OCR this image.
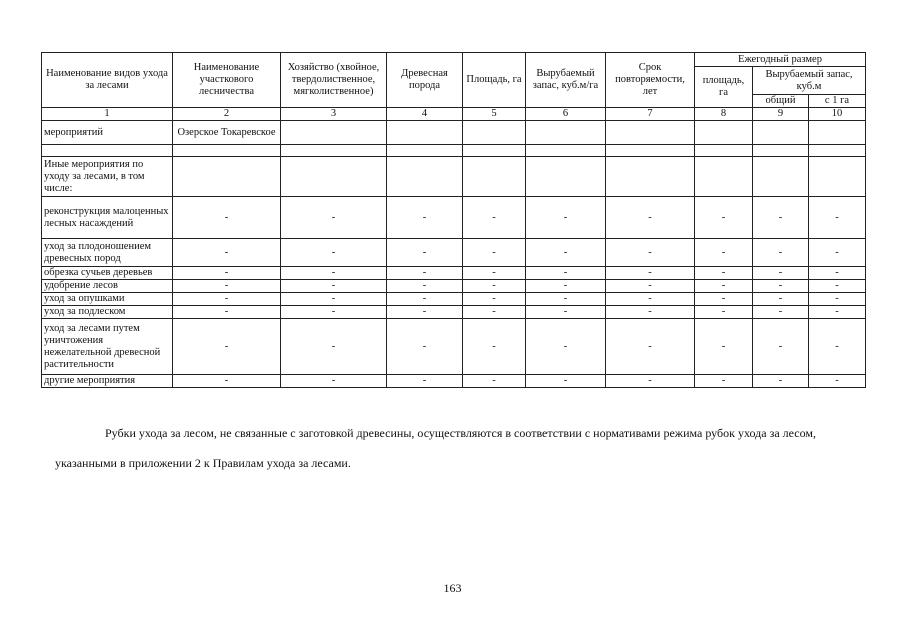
Наименование видов ухода за лесами	Наименование участкового лесничества	Хозяйство (хвойное, твердолиственное, мягколиственное)	Древесная порода	Площадь, га	Вырубаемый запас, куб.м/га	Срок повторяемости, лет	Ежегодный размер		
							площадь, га	Вырубаемый запас, куб.м	
								общий	с 1 га
1	2	3	4	5	6	7	8	9	10
мероприятий	Озерское Токаревское								

Иные мероприятия по уходу за лесами, в том числе:									
реконструкция малоценных лесных насаждений	-	-	-	-	-	-	-	-	-
уход за плодоношением древесных пород	-	-	-	-	-	-	-	-	-
обрезка сучьев деревьев	-	-	-	-	-	-	-	-	-
удобрение лесов	-	-	-	-	-	-	-	-	-
уход за опушками	-	-	-	-	-	-	-	-	-
уход за подлеском	-	-	-	-	-	-	-	-	-
уход за лесами путем уничтожения нежелательной древесной растительности	-	-	-	-	-	-	-	-	-
другие мероприятия	-	-	-	-	-	-	-	-	-
Рубки ухода за лесом, не связанные с заготовкой древесины, осуществляются в соответствии с нормативами режима рубок ухода за лесом, указанными в приложении 2 к Правилам ухода за лесами.
163
